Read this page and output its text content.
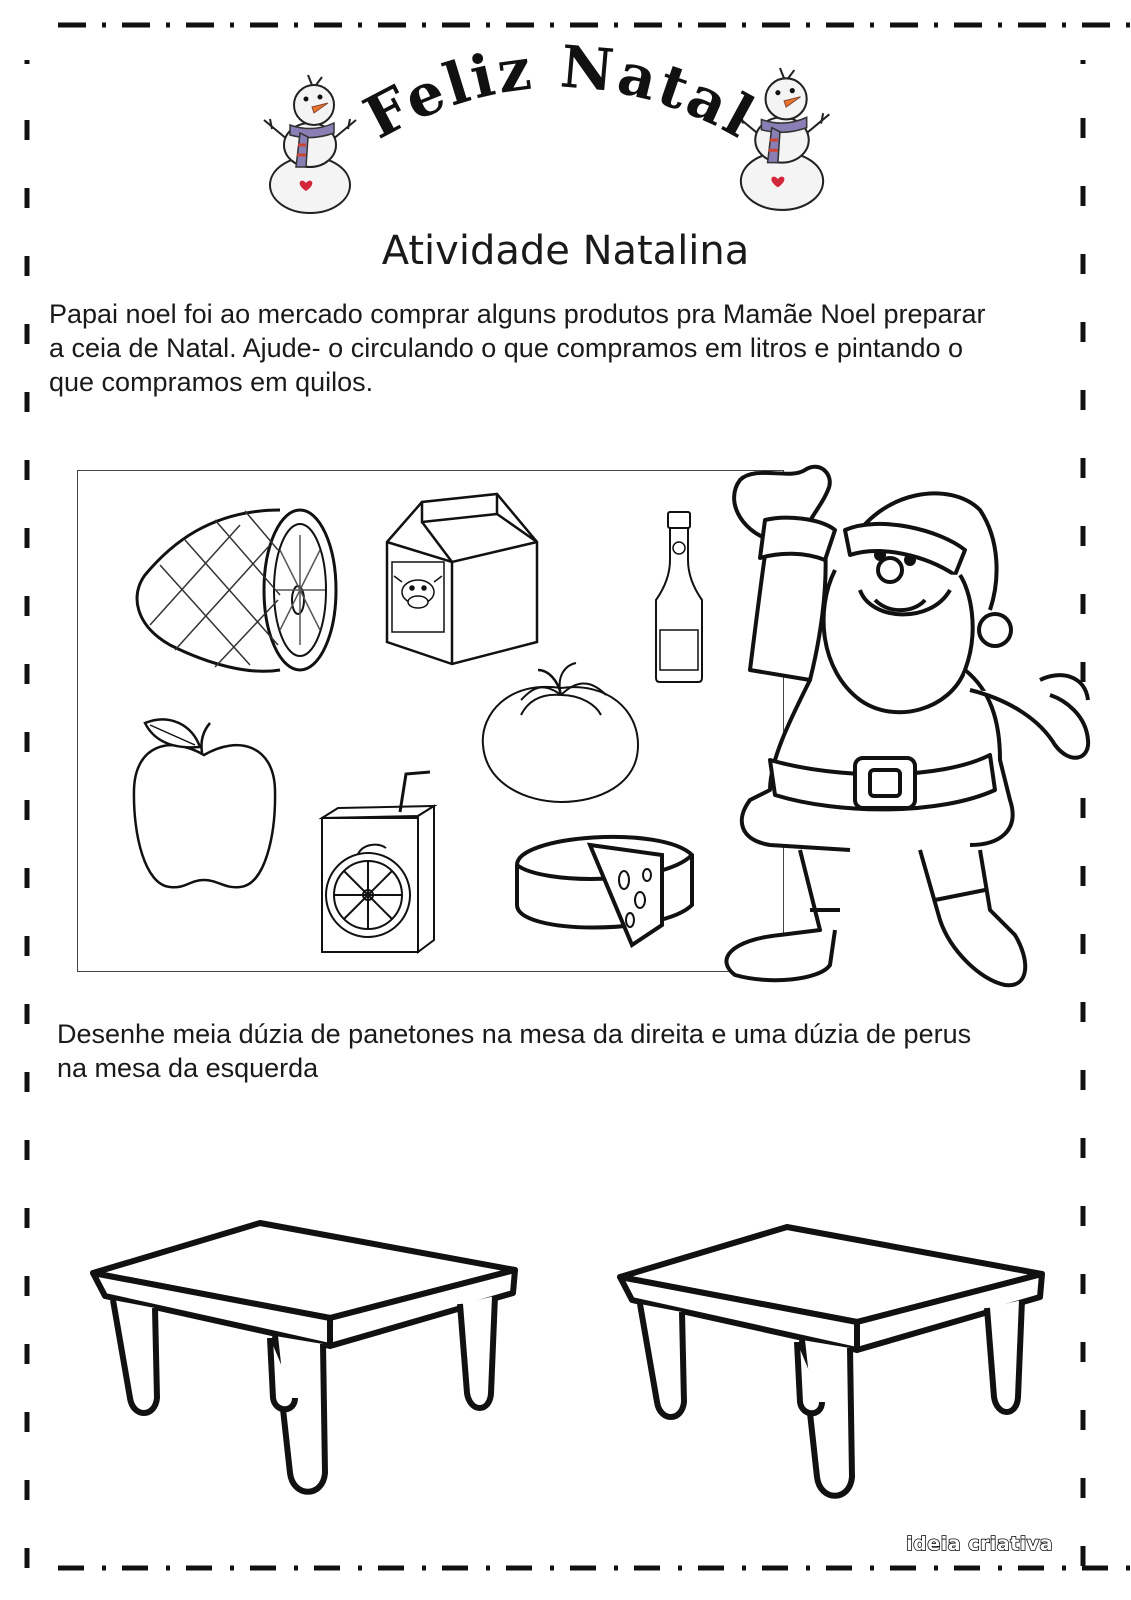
Feliz Natal
Atividade Natalina
Papai noel foi ao mercado comprar alguns produtos pra Mamãe Noel preparar
a ceia de Natal. Ajude- o circulando o que compramos em litros e pintando o
que compramos em quilos.
Desenhe meia dúzia de panetones na mesa da direita e uma dúzia de perus
na mesa da esquerda
ideia criativa
